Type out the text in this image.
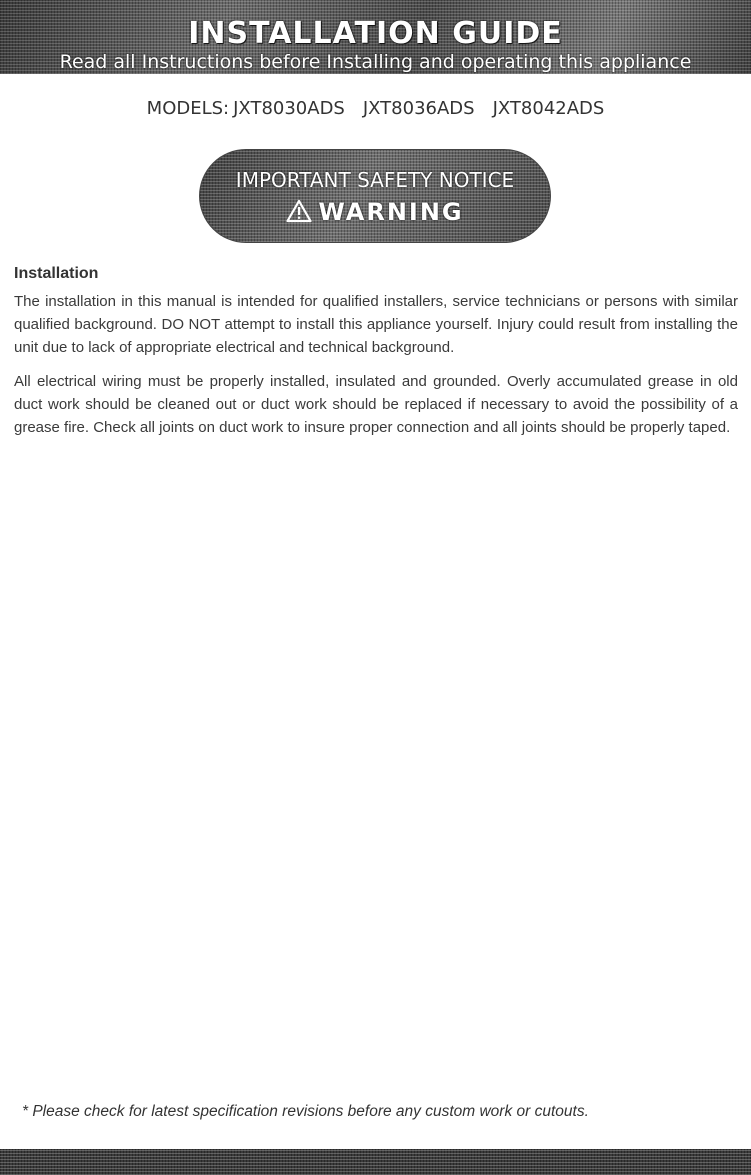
INSTALLATION GUIDE
Read all Instructions before Installing and operating this appliance
MODELS: JXT8030ADS JXT8036ADS JXT8042ADS
IMPORTANT SAFETY NOTICE
WARNING
Installation

The installation in this manual is intended for qualified installers, service technicians or persons with similar qualified background. DO NOT attempt to install this appliance yourself. Injury could result from installing the unit due to lack of appropriate electrical and technical background.

All electrical wiring must be properly installed, insulated and grounded. Overly accumulated grease in old duct work should be cleaned out or duct work should be replaced if necessary to avoid the possibility of a grease fire. Check all joints on duct work to insure proper connection and all joints should be properly taped.

* Please check for latest specification revisions before any custom work or cutouts.
